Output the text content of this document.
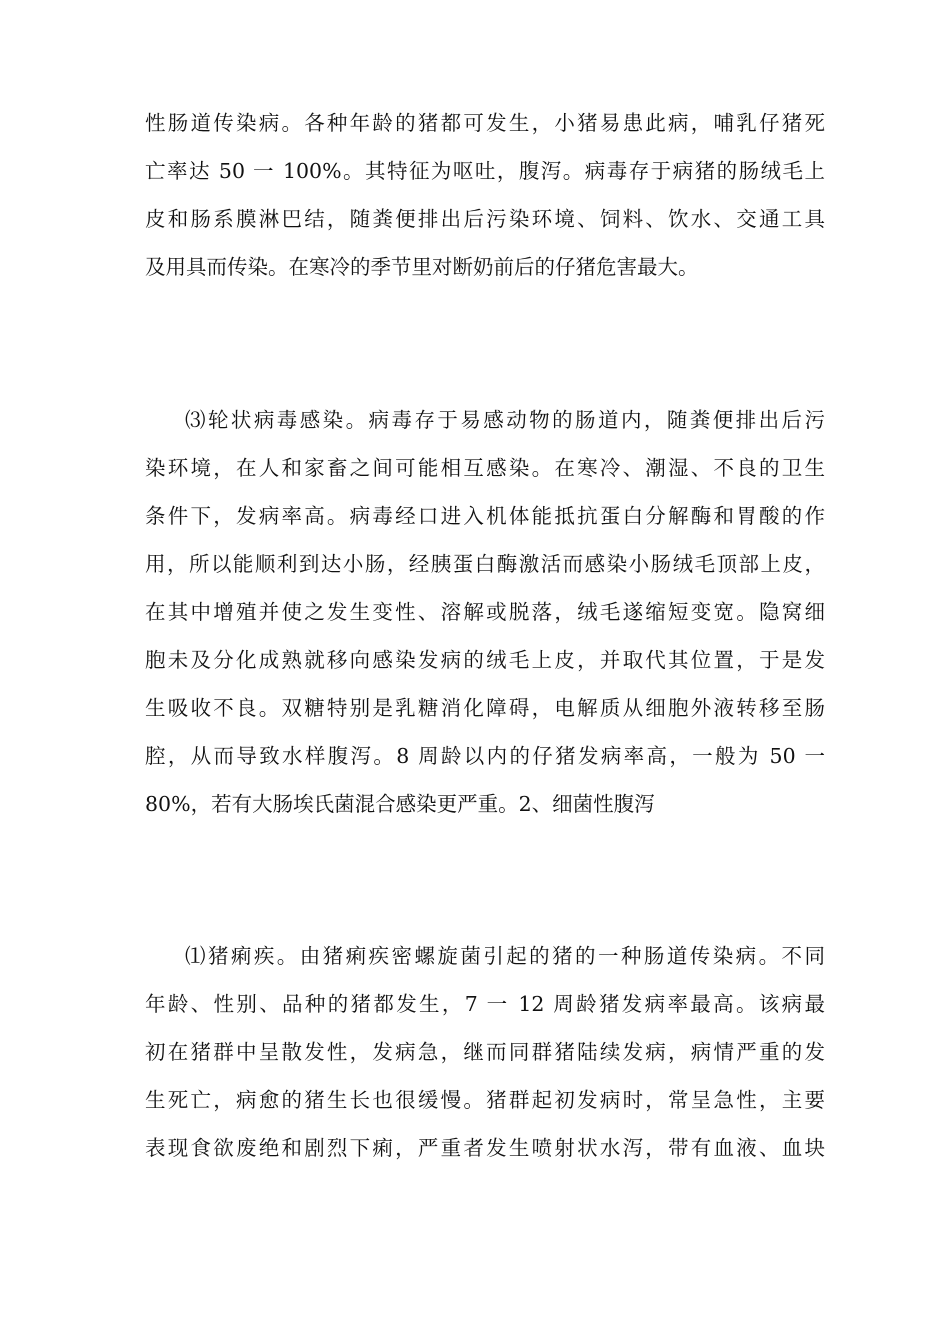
性肠道传染病。各种年龄的猪都可发生，小猪易患此病，哺乳仔猪死
亡率达 50 一 100%。其特征为呕吐，腹泻。病毒存于病猪的肠绒毛上
皮和肠系膜淋巴结，随粪便排出后污染环境、饲料、饮水、交通工具
及用具而传染。在寒冷的季节里对断奶前后的仔猪危害最大。
⑶轮状病毒感染。病毒存于易感动物的肠道内，随粪便排出后污
染环境，在人和家畜之间可能相互感染。在寒冷、潮湿、不良的卫生
条件下，发病率高。病毒经口进入机体能抵抗蛋白分解酶和胃酸的作
用，所以能顺利到达小肠，经胰蛋白酶激活而感染小肠绒毛顶部上皮，
在其中增殖并使之发生变性、溶解或脱落，绒毛遂缩短变宽。隐窝细
胞未及分化成熟就移向感染发病的绒毛上皮，并取代其位置，于是发
生吸收不良。双糖特别是乳糖消化障碍，电解质从细胞外液转移至肠
腔，从而导致水样腹泻。8 周龄以内的仔猪发病率高，一般为 50 一
80%，若有大肠埃氏菌混合感染更严重。2、细菌性腹泻
⑴猪痢疾。由猪痢疾密螺旋菌引起的猪的一种肠道传染病。不同
年龄、性别、品种的猪都发生，7 一 12 周龄猪发病率最高。该病最
初在猪群中呈散发性，发病急，继而同群猪陆续发病，病情严重的发
生死亡，病愈的猪生长也很缓慢。猪群起初发病时，常呈急性，主要
表现食欲废绝和剧烈下痢，严重者发生喷射状水泻，带有血液、血块
